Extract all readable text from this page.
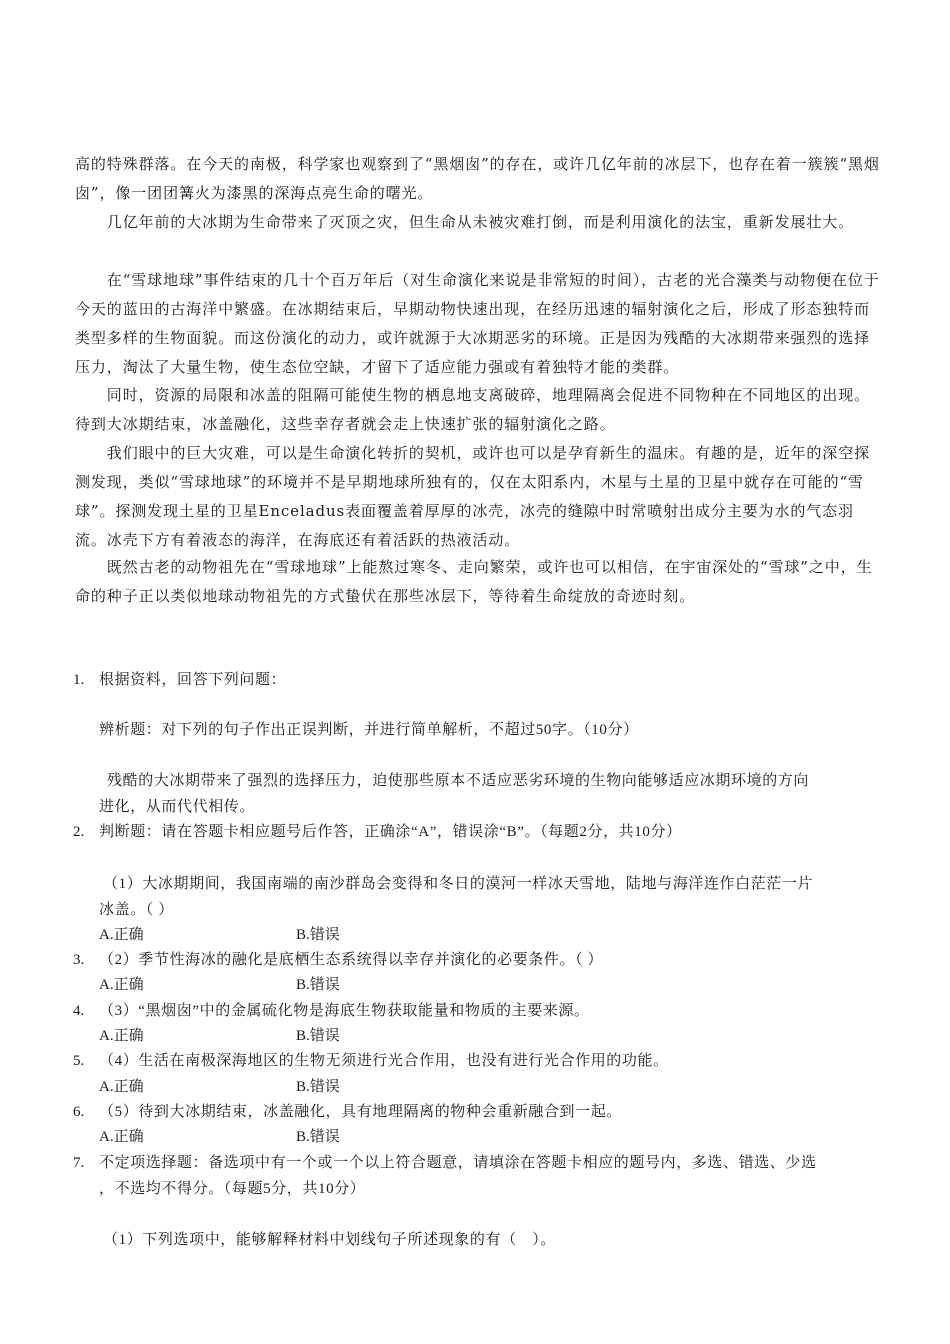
高的特殊群落。在今天的南极，科学家也观察到了“黑烟囱”的存在，或许几亿年前的冰层下，也存在着一簇簇“黑烟囱”，像一团团篝火为漆黑的深海点亮生命的曙光。

　　几亿年前的大冰期为生命带来了灭顶之灾，但生命从未被灾难打倒，而是利用演化的法宝，重新发展壮大。

　　在“雪球地球”事件结束的几十个百万年后（对生命演化来说是非常短的时间），古老的光合藻类与动物便在位于今天的蓝田的古海洋中繁盛。在冰期结束后，早期动物快速出现，在经历迅速的辐射演化之后，形成了形态独特而类型多样的生物面貌。而这份演化的动力，或许就源于大冰期恶劣的环境。正是因为残酷的大冰期带来强烈的选择压力，淘汰了大量生物，使生态位空缺，才留下了适应能力强或有着独特才能的类群。

　　同时，资源的局限和冰盖的阻隔可能使生物的栖息地支离破碎，地理隔离会促进不同物种在不同地区的出现。待到大冰期结束，冰盖融化，这些幸存者就会走上快速扩张的辐射演化之路。

　　我们眼中的巨大灾难，可以是生命演化转折的契机，或许也可以是孕育新生的温床。有趣的是，近年的深空探测发现，类似“雪球地球”的环境并不是早期地球所独有的，仅在太阳系内，木星与土星的卫星中就存在可能的“雪球”。探测发现土星的卫星Enceladus表面覆盖着厚厚的冰壳，冰壳的缝隙中时常喷射出成分主要为水的气态羽流。冰壳下方有着液态的海洋，在海底还有着活跃的热液活动。

　　既然古老的动物祖先在“雪球地球”上能熬过寒冬、走向繁荣，或许也可以相信，在宇宙深处的“雪球”之中，生命的种子正以类似地球动物祖先的方式蛰伏在那些冰层下，等待着生命绽放的奇迹时刻。

1. 根据资料，回答下列问题：

辨析题：对下列的句子作出正误判断，并进行简单解析，不超过50字。（10分）

残酷的大冰期带来了强烈的选择压力，迫使那些原本不适应恶劣环境的生物向能够适应冰期环境的方向

进化，从而代代相传。

2. 判断题：请在答题卡相应题号后作答，正确涂“A”，错误涂“B”。（每题2分，共10分）

（1）大冰期期间，我国南端的南沙群岛会变得和冬日的漠河一样冰天雪地，陆地与海洋连作白茫茫一片

冰盖。（ ）

A.正确	B.错误

3. （2）季节性海冰的融化是底栖生态系统得以幸存并演化的必要条件。（ ）

A.正确	B.错误

4. （3）“黑烟囱”中的金属硫化物是海底生物获取能量和物质的主要来源。

A.正确	B.错误

5. （4）生活在南极深海地区的生物无须进行光合作用，也没有进行光合作用的功能。

A.正确	B.错误

6. （5）待到大冰期结束，冰盖融化，具有地理隔离的物种会重新融合到一起。

A.正确	B.错误

7. 不定项选择题：备选项中有一个或一个以上符合题意，请填涂在答题卡相应的题号内，多选、错选、少选

，不选均不得分。（每题5分，共10分）

（1）下列选项中，能够解释材料中划线句子所述现象的有（　）。
